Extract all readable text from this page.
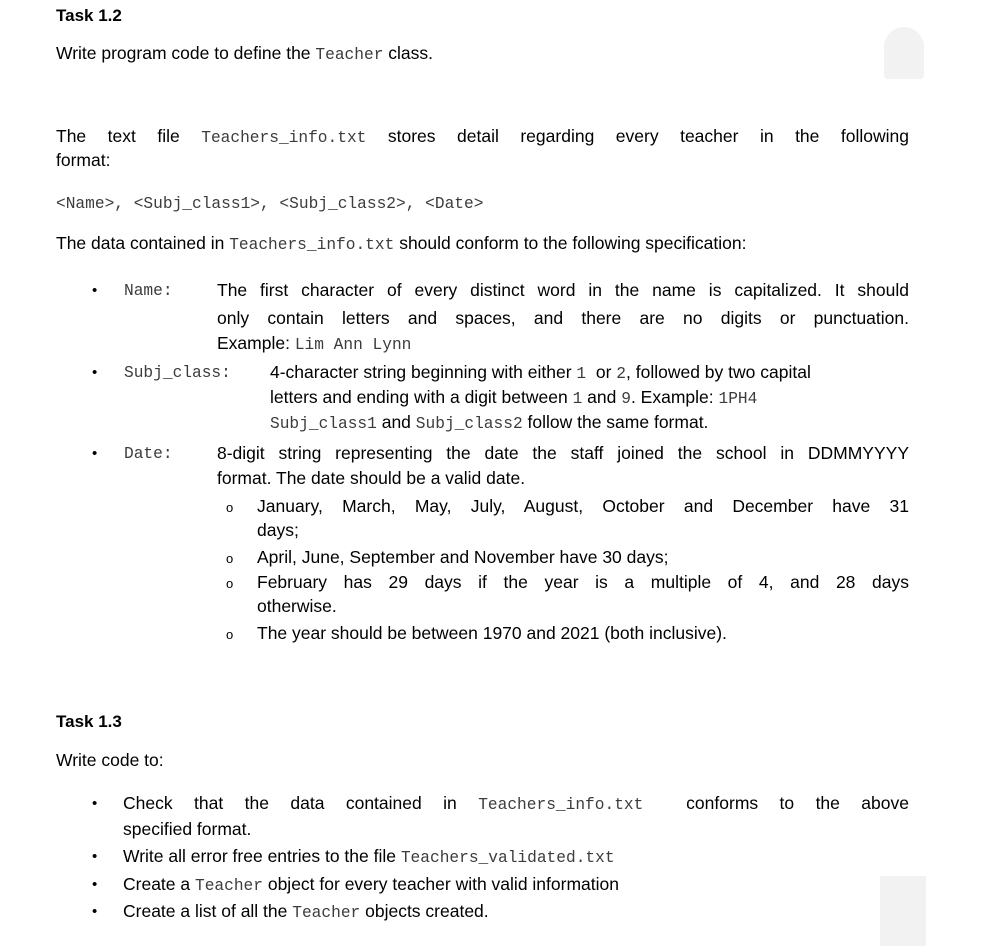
Task 1.2

Write program code to define the Teacher class.

The text file Teachers_info.txt stores detail regarding every teacher in the following

format:

<Name>, <Subj_class1>, <Subj_class2>, <Date>

The data contained in Teachers_info.txt should conform to the following specification:

• Name:	The first character of every distinct word in the name is capitalized. It should

only contain letters and spaces, and there are no digits or punctuation.

Example: Lim Ann Lynn

• Subj_class: 4-character string beginning with either 1  or 2, followed by two capital

letters and ending with a digit between 1 and 9. Example: 1PH4

Subj_class1 and Subj_class2 follow the same format.

• Date:	8-digit string representing the date the staff joined the school in DDMMYYYY

format. The date should be a valid date.

o January, March, May, July, August, October and December have 31

days;

o April, June, September and November have 30 days;

o February has 29 days if the year is a multiple of 4, and 28 days

otherwise.

o The year should be between 1970 and 2021 (both inclusive).

Task 1.3

Write code to:

• Check that the data contained in Teachers_info.txt  conforms to the above

specified format.

• Write all error free entries to the file Teachers_validated.txt

• Create a Teacher object for every teacher with valid information

• Create a list of all the Teacher objects created.
